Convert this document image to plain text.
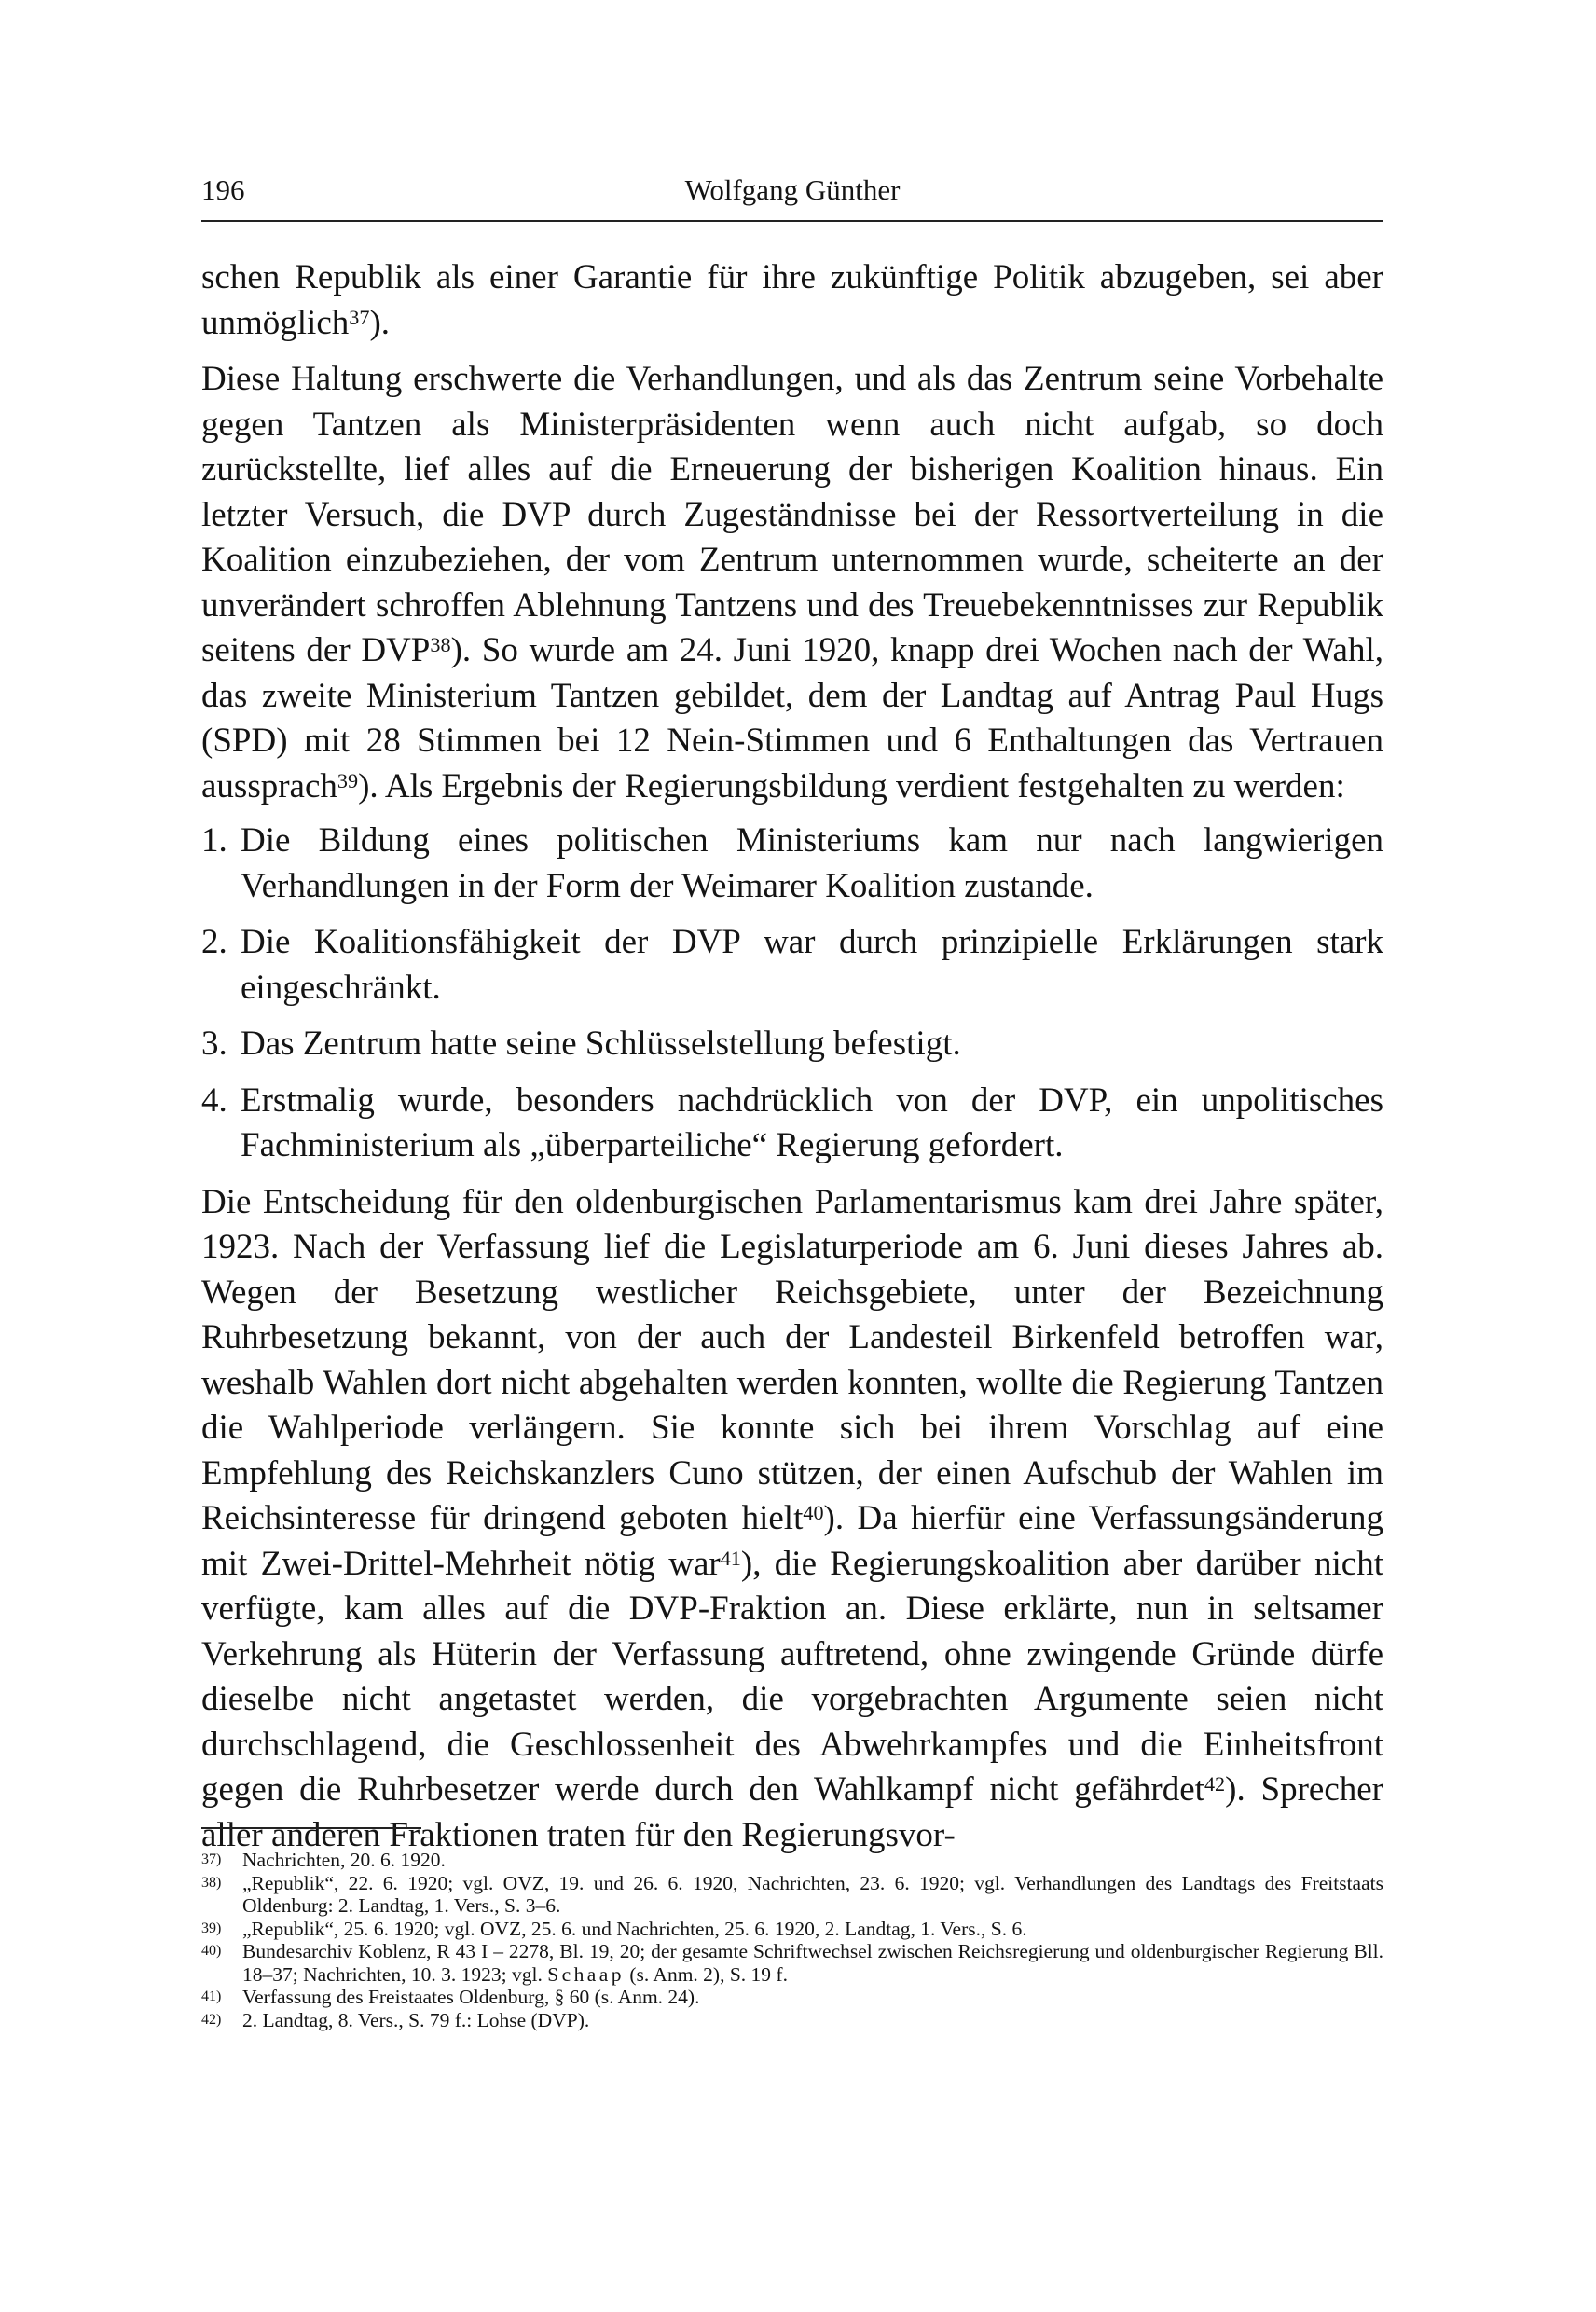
196	Wolfgang Günther

schen Republik als einer Garantie für ihre zukünftige Politik abzugeben, sei aber unmöglich$^{37}$).

Diese Haltung erschwerte die Verhandlungen, und als das Zentrum seine Vorbehalte gegen Tantzen als Ministerpräsidenten wenn auch nicht aufgab, so doch zurückstellte, lief alles auf die Erneuerung der bisherigen Koalition hinaus. Ein letzter Versuch, die DVP durch Zugeständnisse bei der Ressortverteilung in die Koalition einzubeziehen, der vom Zentrum unternommen wurde, scheiterte an der unverändert schroffen Ablehnung Tantzens und des Treuebekenntnisses zur Republik seitens der DVP$^{38}$). So wurde am 24. Juni 1920, knapp drei Wochen nach der Wahl, das zweite Ministerium Tantzen gebildet, dem der Landtag auf Antrag Paul Hugs (SPD) mit 28 Stimmen bei 12 Nein-Stimmen und 6 Enthaltungen das Vertrauen aussprach$^{39}$). Als Ergebnis der Regierungsbildung verdient festgehalten zu werden:

1. Die Bildung eines politischen Ministeriums kam nur nach langwierigen Verhandlungen in der Form der Weimarer Koalition zustande.
2. Die Koalitionsfähigkeit der DVP war durch prinzipielle Erklärungen stark eingeschränkt.
3. Das Zentrum hatte seine Schlüsselstellung befestigt.
4. Erstmalig wurde, besonders nachdrücklich von der DVP, ein unpolitisches Fachministerium als „überparteiliche“ Regierung gefordert.

Die Entscheidung für den oldenburgischen Parlamentarismus kam drei Jahre später, 1923. Nach der Verfassung lief die Legislaturperiode am 6. Juni dieses Jahres ab. Wegen der Besetzung westlicher Reichsgebiete, unter der Bezeichnung Ruhrbesetzung bekannt, von der auch der Landesteil Birkenfeld betroffen war, weshalb Wahlen dort nicht abgehalten werden konnten, wollte die Regierung Tantzen die Wahlperiode verlängern. Sie konnte sich bei ihrem Vorschlag auf eine Empfehlung des Reichskanzlers Cuno stützen, der einen Aufschub der Wahlen im Reichsinteresse für dringend geboten hielt$^{40}$). Da hierfür eine Verfassungsänderung mit Zwei-Drittel-Mehrheit nötig war$^{41}$), die Regierungskoalition aber darüber nicht verfügte, kam alles auf die DVP-Fraktion an. Diese erklärte, nun in seltsamer Verkehrung als Hüterin der Verfassung auftretend, ohne zwingende Gründe dürfe dieselbe nicht angetastet werden, die vorgebrachten Argumente seien nicht durchschlagend, die Geschlossenheit des Abwehrkampfes und die Einheitsfront gegen die Ruhrbesetzer werde durch den Wahlkampf nicht gefährdet$^{42}$). Sprecher aller anderen Fraktionen traten für den Regierungsvor-

37) Nachrichten, 20. 6. 1920.
38) „Republik“, 22. 6. 1920; vgl. OVZ, 19. und 26. 6. 1920, Nachrichten, 23. 6. 1920; vgl. Verhandlungen des Landtags des Freitstaats Oldenburg: 2. Landtag, 1. Vers., S. 3–6.
39) „Republik“, 25. 6. 1920; vgl. OVZ, 25. 6. und Nachrichten, 25. 6. 1920, 2. Landtag, 1. Vers., S. 6.
40) Bundesarchiv Koblenz, R 43 I – 2278, Bl. 19, 20; der gesamte Schriftwechsel zwischen Reichsregierung und oldenburgischer Regierung Bll. 18–37; Nachrichten, 10. 3. 1923; vgl. Schaap (s. Anm. 2), S. 19 f.
41) Verfassung des Freistaates Oldenburg, § 60 (s. Anm. 24).
42) 2. Landtag, 8. Vers., S. 79 f.: Lohse (DVP).
